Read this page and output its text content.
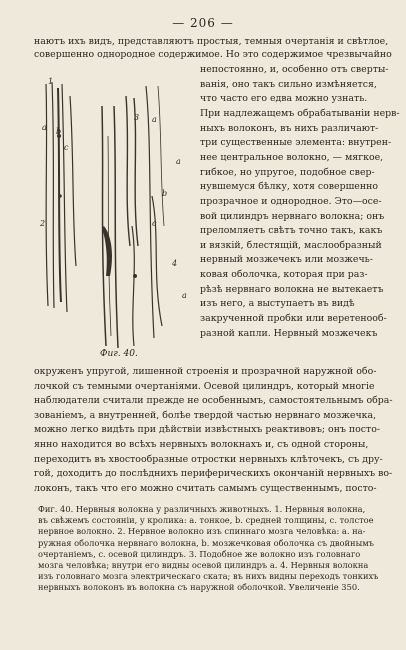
— 206 —
наютъ ихъ видъ, представляютъ простыя, темныя очертанія и свѣтлое,
совершенно однородное содержимое. Но это содержимое чрезвычайно
непостоянно, и, особенно отъ сверты-
ванія, оно такъ сильно измѣняется,
что часто его едва можно узнать.
При надлежащемъ обрабатываніи нерв-
ныхъ волоконъ, въ нихъ различают-
три существенные элемента: внутрен-
нее центральное волокно, — мягкое,
гибкое, но упругое, подобное свер-
нувшемуся бѣлку, хотя совершенно
прозрачное и однородное. Это—осе-
вой цилиндръ нервнаго волокна; онъ
преломляетъ свѣтъ точно такъ, какъ
и вязкій, блестящій, маслообразный
нервный мозжечекъ или мозжечь-
ковая оболочка, которая при раз-
рѣзѣ нервнаго волокна не вытекаетъ
изъ него, а выступаетъ въ видѣ
закрученной пробки или веретенооб-
разной капли. Нервный мозжечекъ
1
a b
c
2
3 a
a
b
c
4
a
Фиг. 40.
окруженъ упругой, лишенной строенія и прозрачной наружной обо-
лочкой съ темными очертаніями. Осевой цилиндръ, который многіе
наблюдатели считали прежде не особеннымъ, самостоятельнымъ обра-
зованіемъ, а внутренней, болѣе твердой частью нервнаго мозжечка,
можно легко видѣть при дѣйствіи извѣстныхъ реактивовъ; онъ посто-
янно находится во всѣхъ нервныхъ волокнахъ и, съ одной стороны,
переходитъ въ хвостообразные отростки нервныхъ клѣточекъ, съ дру-
гой, доходитъ до послѣднихъ периферическихъ окончаній нервныхъ во-
локонъ, такъ что его можно считать самымъ существеннымъ, посто-
Фиг. 40. Нервныя волокна у различныхъ животныхъ. 1. Нервныя волокна,
въ свѣжемъ состояніи, у кролика: a. тонкое, b. средней толщины, c. толстое
нервное волокно. 2. Нервное волокно изъ спиннаго мозга человѣка: a. на-
ружная оболочка нервнаго волокна, b. мозжечковая оболочка съ двойнымъ
очертаніемъ, c. осевой цилиндръ. 3. Подобное же волокно изъ головнаго
мозга человѣка; внутри его видны осевой цилиндръ a. 4. Нервныя волокна
изъ головнаго мозга электрическаго ската; въ нихъ видны переходъ тонкихъ
нервныхъ волоконъ въ волокна съ наружной оболочкой. Увеличеніе 350.
